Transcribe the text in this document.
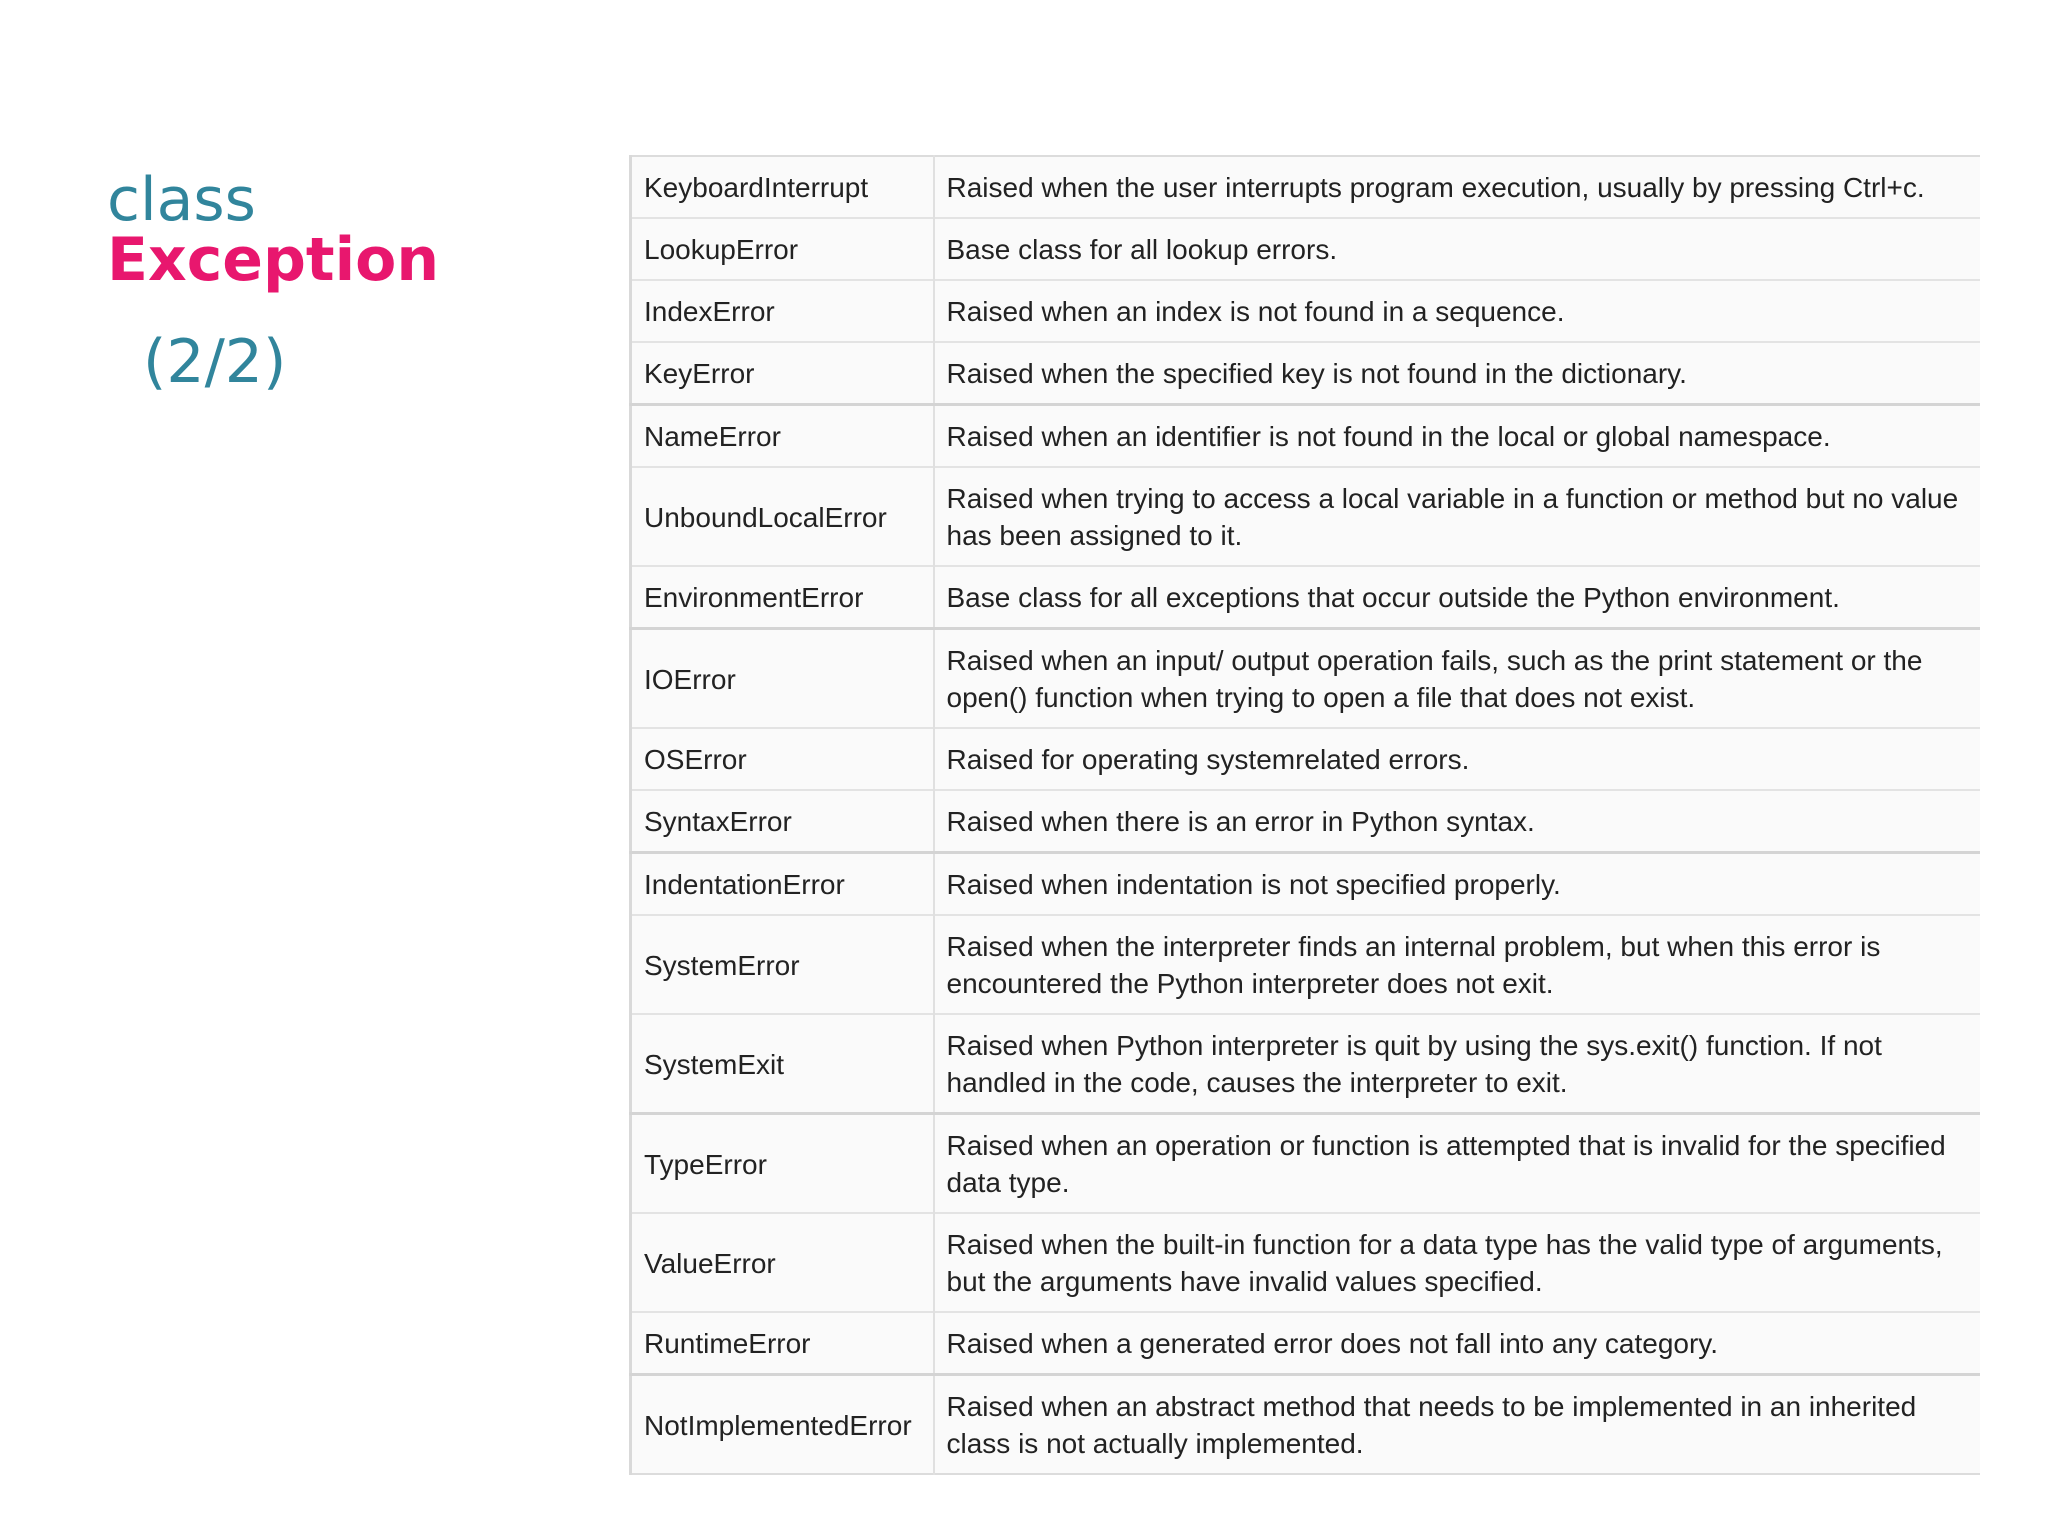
class Exception
(2/2)
KeyboardInterrupt	Raised when the user interrupts program execution, usually by pressing Ctrl+c.
LookupError	Base class for all lookup errors.
IndexError	Raised when an index is not found in a sequence.
KeyError	Raised when the specified key is not found in the dictionary.
NameError	Raised when an identifier is not found in the local or global namespace.
UnboundLocalError	Raised when trying to access a local variable in a function or method but no value has been assigned to it.
EnvironmentError	Base class for all exceptions that occur outside the Python environment.
IOError	Raised when an input/ output operation fails, such as the print statement or the open() function when trying to open a file that does not exist.
OSError	Raised for operating systemrelated errors.
SyntaxError	Raised when there is an error in Python syntax.
IndentationError	Raised when indentation is not specified properly.
SystemError	Raised when the interpreter finds an internal problem, but when this error is encountered the Python interpreter does not exit.
SystemExit	Raised when Python interpreter is quit by using the sys.exit() function. If not handled in the code, causes the interpreter to exit.
TypeError	Raised when an operation or function is attempted that is invalid for the specified data type.
ValueError	Raised when the built-in function for a data type has the valid type of arguments, but the arguments have invalid values specified.
RuntimeError	Raised when a generated error does not fall into any category.
NotImplementedError	Raised when an abstract method that needs to be implemented in an inherited class is not actually implemented.
